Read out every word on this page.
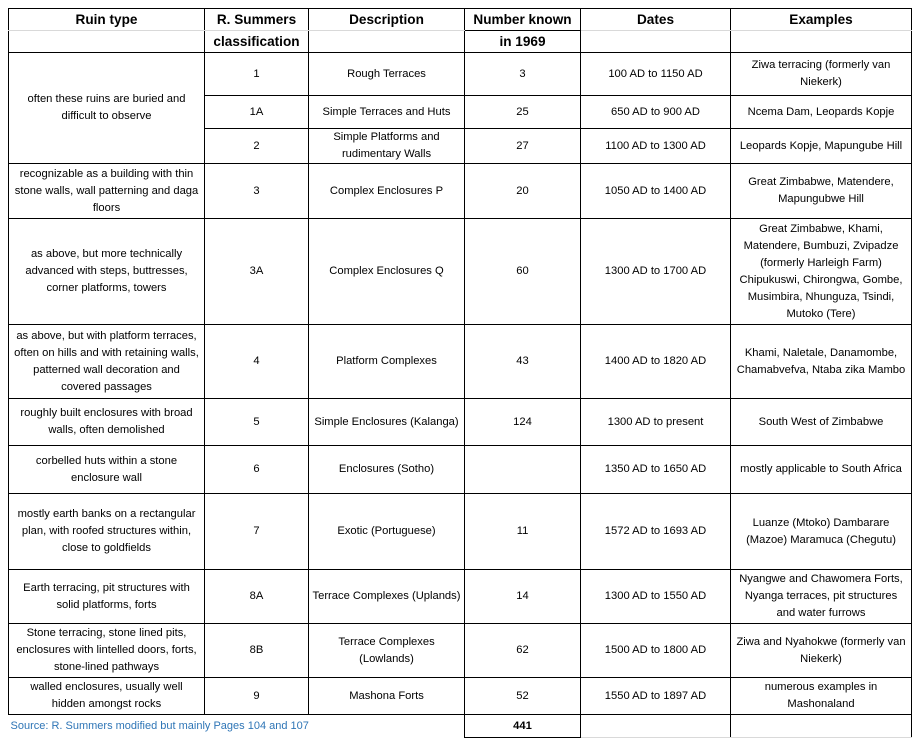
Ruin type	R. Summers	Description	Number known	Dates	Examples
	classification		in 1969		
often these ruins are buried and difficult to observe	1	Rough Terraces	3	100 AD to 1150 AD	Ziwa terracing (formerly van Niekerk)
	1A	Simple Terraces and Huts	25	650 AD to 900 AD	Ncema Dam, Leopards Kopje
	2	Simple Platforms and rudimentary Walls	27	1100 AD to 1300 AD	Leopards Kopje, Mapungube Hill
recognizable as a building with thin stone walls, wall patterning and daga floors	3	Complex Enclosures P	20	1050 AD to 1400 AD	Great Zimbabwe, Matendere, Mapungubwe Hill
as above, but more technically advanced with steps, buttresses, corner platforms, towers	3A	Complex Enclosures Q	60	1300 AD to 1700 AD	Great Zimbabwe, Khami, Matendere, Bumbuzi, Zvipadze (formerly Harleigh Farm) Chipukuswi, Chirongwa, Gombe, Musimbira, Nhunguza, Tsindi, Mutoko (Tere)
as above, but with platform terraces, often on hills and with retaining walls, patterned wall decoration and covered passages	4	Platform Complexes	43	1400 AD to 1820 AD	Khami, Naletale, Danamombe, Chamabvefva, Ntaba zika Mambo
roughly built enclosures with broad walls, often demolished	5	Simple Enclosures (Kalanga)	124	1300 AD to present	South West of Zimbabwe
corbelled huts within a stone enclosure wall	6	Enclosures (Sotho)		1350 AD to 1650 AD	mostly applicable to South Africa
mostly earth banks on a rectangular plan, with roofed structures within, close to goldfields	7	Exotic (Portuguese)	11	1572 AD to 1693 AD	Luanze (Mtoko) Dambarare (Mazoe) Maramuca (Chegutu)
Earth terracing, pit structures with solid platforms, forts	8A	Terrace Complexes (Uplands)	14	1300 AD to 1550 AD	Nyangwe and Chawomera Forts, Nyanga terraces, pit structures and water furrows
Stone terracing, stone lined pits, enclosures with lintelled doors, forts, stone-lined pathways	8B	Terrace Complexes (Lowlands)	62	1500 AD to 1800 AD	Ziwa and Nyahokwe (formerly van Niekerk)
walled enclosures, usually well hidden amongst rocks	9	Mashona Forts	52	1550 AD to 1897 AD	numerous examples in Mashonaland
Source: R. Summers modified but mainly Pages 104 and 107			441		
